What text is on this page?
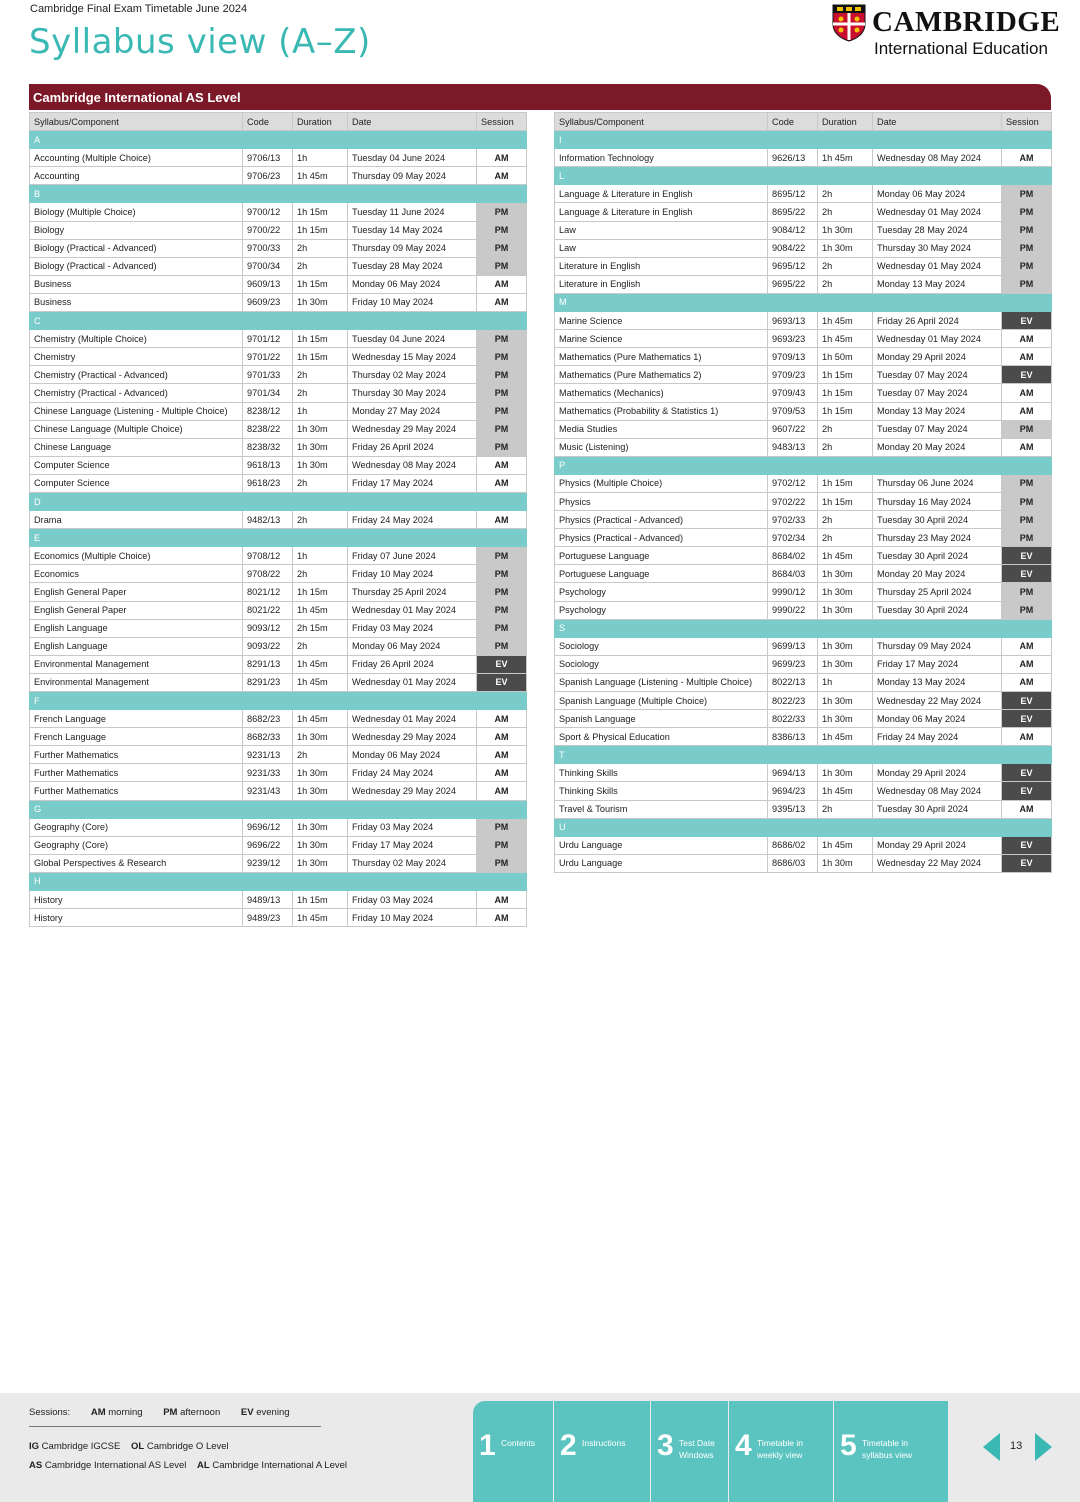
Cambridge Final Exam Timetable June 2024
Syllabus view (A–Z)	CAMBRIDGE
International Education
Cambridge International AS Level
Syllabus/Component	Code	Duration	Date	Session
A				
Accounting (Multiple Choice)	9706/13	1h	Tuesday 04 June 2024	AM
Accounting	9706/23	1h 45m	Thursday 09 May 2024	AM
B				
Biology (Multiple Choice)	9700/12	1h 15m	Tuesday 11 June 2024	PM
Biology	9700/22	1h 15m	Tuesday 14 May 2024	PM
Biology (Practical - Advanced)	9700/33	2h	Thursday 09 May 2024	PM
Biology (Practical - Advanced)	9700/34	2h	Tuesday 28 May 2024	PM
Business	9609/13	1h 15m	Monday 06 May 2024	AM
Business	9609/23	1h 30m	Friday 10 May 2024	AM
C				
Chemistry (Multiple Choice)	9701/12	1h 15m	Tuesday 04 June 2024	PM
Chemistry	9701/22	1h 15m	Wednesday 15 May 2024	PM
Chemistry (Practical - Advanced)	9701/33	2h	Thursday 02 May 2024	PM
Chemistry (Practical - Advanced)	9701/34	2h	Thursday 30 May 2024	PM
Chinese Language (Listening - Multiple Choice)	8238/12	1h	Monday 27 May 2024	PM
Chinese Language (Multiple Choice)	8238/22	1h 30m	Wednesday 29 May 2024	PM
Chinese Language	8238/32	1h 30m	Friday 26 April 2024	PM
Computer Science	9618/13	1h 30m	Wednesday 08 May 2024	AM
Computer Science	9618/23	2h	Friday 17 May 2024	AM
D				
Drama	9482/13	2h	Friday 24 May 2024	AM
E				
Economics (Multiple Choice)	9708/12	1h	Friday 07 June 2024	PM
Economics	9708/22	2h	Friday 10 May 2024	PM
English General Paper	8021/12	1h 15m	Thursday 25 April 2024	PM
English General Paper	8021/22	1h 45m	Wednesday 01 May 2024	PM
English Language	9093/12	2h 15m	Friday 03 May 2024	PM
English Language	9093/22	2h	Monday 06 May 2024	PM
Environmental Management	8291/13	1h 45m	Friday 26 April 2024	EV
Environmental Management	8291/23	1h 45m	Wednesday 01 May 2024	EV
F				
French Language	8682/23	1h 45m	Wednesday 01 May 2024	AM
French Language	8682/33	1h 30m	Wednesday 29 May 2024	AM
Further Mathematics	9231/13	2h	Monday 06 May 2024	AM
Further Mathematics	9231/33	1h 30m	Friday 24 May 2024	AM
Further Mathematics	9231/43	1h 30m	Wednesday 29 May 2024	AM
G				
Geography (Core)	9696/12	1h 30m	Friday 03 May 2024	PM
Geography (Core)	9696/22	1h 30m	Friday 17 May 2024	PM
Global Perspectives & Research	9239/12	1h 30m	Thursday 02 May 2024	PM
H				
History	9489/13	1h 15m	Friday 03 May 2024	AM
History	9489/23	1h 45m	Friday 10 May 2024	AM
Syllabus/Component	Code	Duration	Date	Session
I				
Information Technology	9626/13	1h 45m	Wednesday 08 May 2024	AM
L				
Language & Literature in English	8695/12	2h	Monday 06 May 2024	PM
Language & Literature in English	8695/22	2h	Wednesday 01 May 2024	PM
Law	9084/12	1h 30m	Tuesday 28 May 2024	PM
Law	9084/22	1h 30m	Thursday 30 May 2024	PM
Literature in English	9695/12	2h	Wednesday 01 May 2024	PM
Literature in English	9695/22	2h	Monday 13 May 2024	PM
M				
Marine Science	9693/13	1h 45m	Friday 26 April 2024	EV
Marine Science	9693/23	1h 45m	Wednesday 01 May 2024	AM
Mathematics (Pure Mathematics 1)	9709/13	1h 50m	Monday 29 April 2024	AM
Mathematics (Pure Mathematics 2)	9709/23	1h 15m	Tuesday 07 May 2024	EV
Mathematics (Mechanics)	9709/43	1h 15m	Tuesday 07 May 2024	AM
Mathematics (Probability & Statistics 1)	9709/53	1h 15m	Monday 13 May 2024	AM
Media Studies	9607/22	2h	Tuesday 07 May 2024	PM
Music (Listening)	9483/13	2h	Monday 20 May 2024	AM
P				
Physics (Multiple Choice)	9702/12	1h 15m	Thursday 06 June 2024	PM
Physics	9702/22	1h 15m	Thursday 16 May 2024	PM
Physics (Practical - Advanced)	9702/33	2h	Tuesday 30 April 2024	PM
Physics (Practical - Advanced)	9702/34	2h	Thursday 23 May 2024	PM
Portuguese Language	8684/02	1h 45m	Tuesday 30 April 2024	EV
Portuguese Language	8684/03	1h 30m	Monday 20 May 2024	EV
Psychology	9990/12	1h 30m	Thursday 25 April 2024	PM
Psychology	9990/22	1h 30m	Tuesday 30 April 2024	PM
S				
Sociology	9699/13	1h 30m	Thursday 09 May 2024	AM
Sociology	9699/23	1h 30m	Friday 17 May 2024	AM
Spanish Language (Listening - Multiple Choice)	8022/13	1h	Monday 13 May 2024	AM
Spanish Language (Multiple Choice)	8022/23	1h 30m	Wednesday 22 May 2024	EV
Spanish Language	8022/33	1h 30m	Monday 06 May 2024	EV
Sport & Physical Education	8386/13	1h 45m	Friday 24 May 2024	AM
T				
Thinking Skills	9694/13	1h 30m	Monday 29 April 2024	EV
Thinking Skills	9694/23	1h 45m	Wednesday 08 May 2024	EV
Travel & Tourism	9395/13	2h	Tuesday 30 April 2024	AM
U				
Urdu Language	8686/02	1h 45m	Monday 29 April 2024	EV
Urdu Language	8686/03	1h 30m	Wednesday 22 May 2024	EV
Sessions: AM morning PM afternoon EV evening
IG Cambridge IGCSE OL Cambridge O Level
AS Cambridge International AS Level AL Cambridge International A Level
1 Contents 2 Instructions 3 Test Date
Windows 4 Timetable in
weekly view 5 Timetable in
syllabus view
13
